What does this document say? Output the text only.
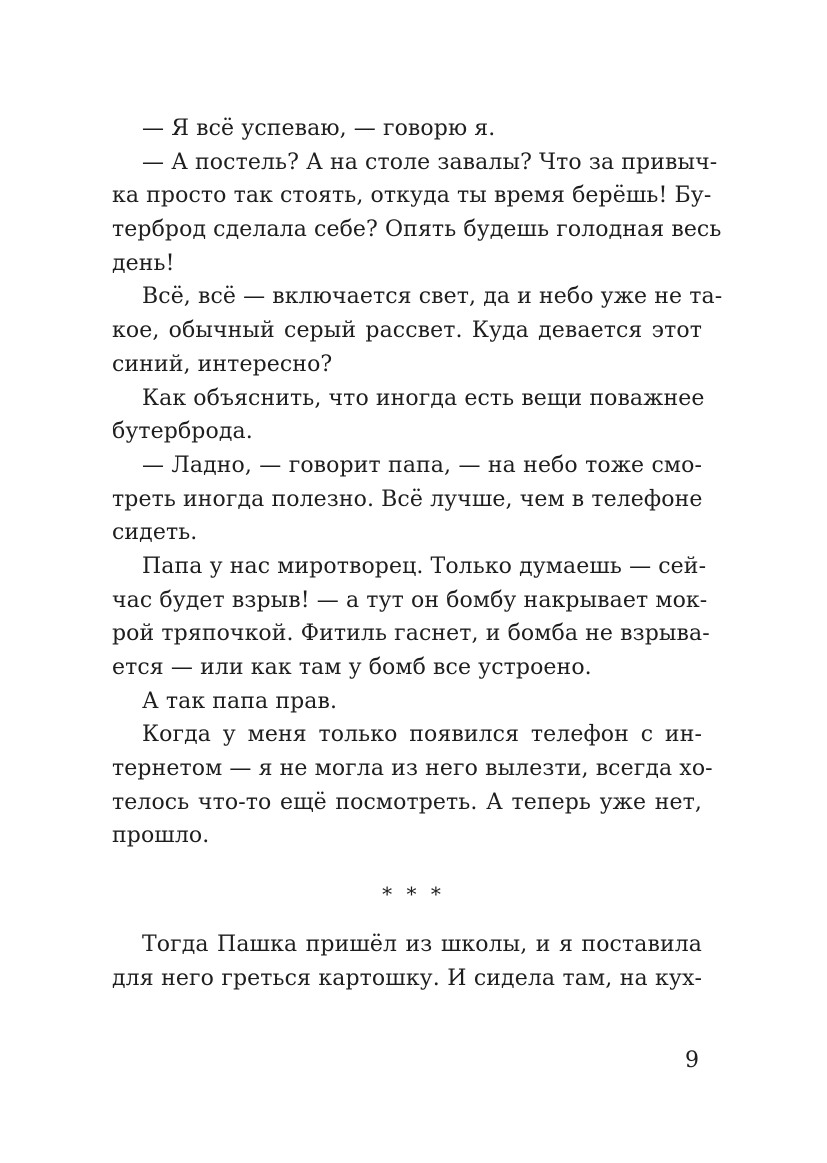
— Я всё успеваю, — говорю я.
— А постель? А на столе завалы? Что за привыч-
ка просто так стоять, откуда ты время берёшь! Бу-
терброд сделала себе? Опять будешь голодная весь
день!
Всё, всё — включается свет, да и небо уже не та-
кое, обычный серый рассвет. Куда девается этот
синий, интересно?
Как объяснить, что иногда есть вещи поважнее
бутерброда.
— Ладно, — говорит папа, — на небо тоже смо-
треть иногда полезно. Всё лучше, чем в телефоне
сидеть.
Папа у нас миротворец. Только думаешь — сей-
час будет взрыв! — а тут он бомбу накрывает мок-
рой тряпочкой. Фитиль гаснет, и бомба не взрыва-
ется — или как там у бомб все устроено.
А так папа прав.
Когда у меня только появился телефон с ин-
тернетом — я не могла из него вылезти, всегда хо-
телось что-то ещё посмотреть. А теперь уже нет,
прошло.
* * *
Тогда Пашка пришёл из школы, и я поставила
для него греться картошку. И сидела там, на кух-
9
